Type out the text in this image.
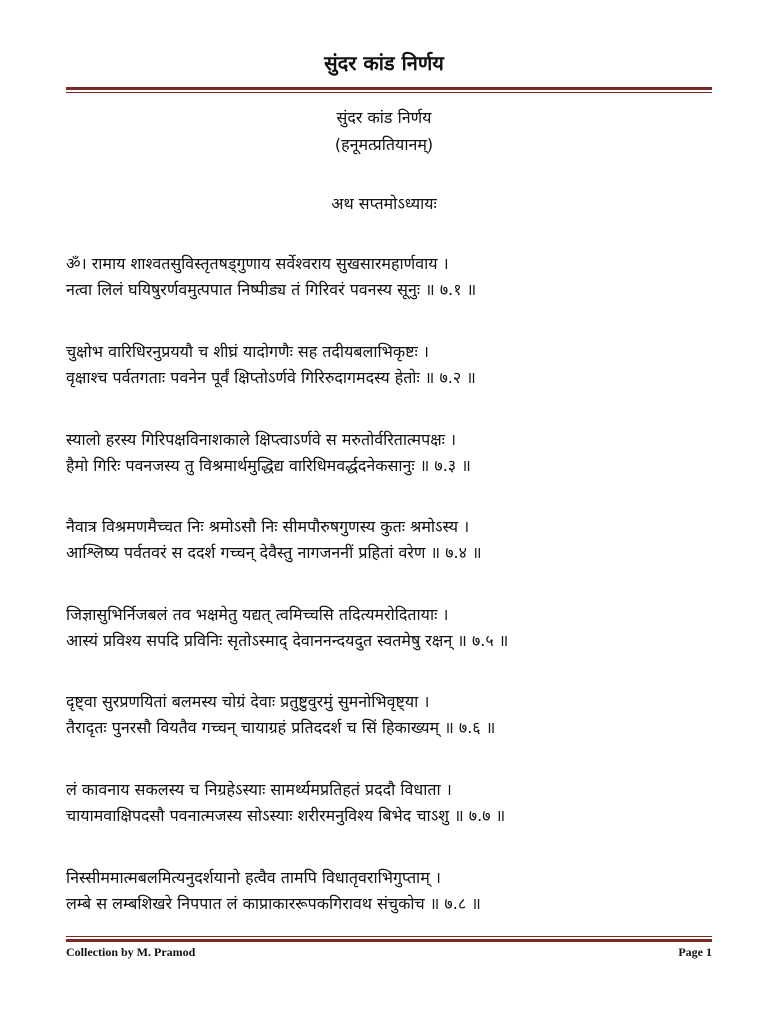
सुंदर कांड निर्णय
सुंदर कांड निर्णय
(हनूमत्प्रतियानम्)
अथ सप्तमोऽध्यायः
ॐ। रामाय शाश्वतसुविस्तृतषड्गुणाय सर्वेश्वराय सुखसारमहार्णवाय ।
नत्वा लिलं घयिषुरर्णवमुत्पपात निष्पीड्य तं गिरिवरं पवनस्य सूनुः ॥ ७.१ ॥
चुक्षोभ वारिधिरनुप्रययौ च शीघ्रं यादोगणैः सह तदीयबलाभिकृष्टः ।
वृक्षाश्च पर्वतगताः पवनेन पूर्वं क्षिप्तोऽर्णवे गिरिरुदागमदस्य हेतोः ॥ ७.२ ॥
स्यालो हरस्य गिरिपक्षविनाशकाले क्षिप्त्वाऽर्णवे स मरुतोर्वरितात्मपक्षः ।
हैमो गिरिः पवनजस्य तु विश्रमार्थमुद्धिद्य वारिधिमवर्द्धदनेकसानुः ॥ ७.३ ॥
नैवात्र विश्रमणमैच्चत निः श्रमोऽसौ निः सीमपौरुषगुणस्य कुतः श्रमोऽस्य ।
आश्लिष्य पर्वतवरं स ददर्श गच्चन् देवैस्तु नागजननीं प्रहितां वरेण ॥ ७.४ ॥
जिज्ञासुभिर्निजबलं तव भक्षमेतु यद्यत् त्वमिच्चसि तदित्यमरोदितायाः ।
आस्यं प्रविश्य सपदि प्रविनिः सृतोऽस्माद् देवाननन्दयदुत स्वतमेषु रक्षन् ॥ ७.५ ॥
दृष्ट्वा सुरप्रणयितां बलमस्य चोग्रं देवाः प्रतुष्टुवुरमुं सुमनोभिवृष्ट्या ।
तैरादृतः पुनरसौ वियतैव गच्चन् चायाग्रहं प्रतिददर्श च सिं हिकाख्यम् ॥ ७.६ ॥
लं कावनाय सकलस्य च निग्रहेऽस्याः सामर्थ्यमप्रतिहतं प्रददौ विधाता ।
चायामवाक्षिपदसौ पवनात्मजस्य सोऽस्याः शरीरमनुविश्य बिभेद चाऽशु ॥ ७.७ ॥
निस्सीममात्मबलमित्यनुदर्शयानो हत्वैव तामपि विधातृवराभिगुप्ताम् ।
लम्बे स लम्बशिखरे निपपात लं काप्राकाररूपकगिरावथ संचुकोच ॥ ७.८ ॥
Collection by M. Pramod	Page 1
